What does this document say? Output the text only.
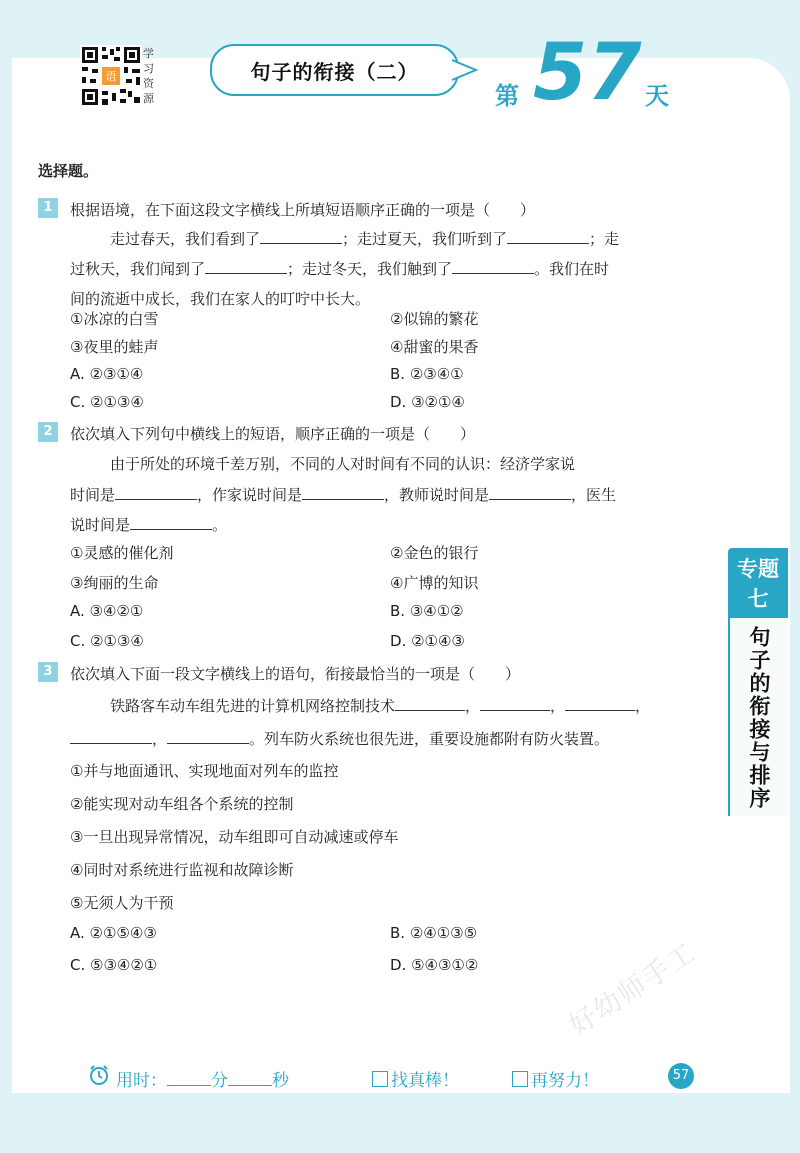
语
学
习
资
源
句子的衔接（二）
第 57 天
选择题。
1	根据语境，在下面这段文字横线上所填短语顺序正确的一项是（　　）
走过春天，我们看到了	；走过夏天，我们听到了	；走
过秋天，我们闻到了	；走过冬天，我们触到了	。我们在时
间的流逝中成长，我们在家人的叮咛中长大。
①冰凉的白雪	②似锦的繁花
③夜里的蛙声	④甜蜜的果香
A. ②③①④	B. ②③④①
C. ②①③④	D. ③②①④
2	依次填入下列句中横线上的短语，顺序正确的一项是（　　）
由于所处的环境千差万别，不同的人对时间有不同的认识：经济学家说
时间是	，作家说时间是	，教师说时间是	，医生
说时间是	。
①灵感的催化剂	②金色的银行
③绚丽的生命	④广博的知识
A. ③④②①	B. ③④①②
C. ②①③④	D. ②①④③
3	依次填入下面一段文字横线上的语句，衔接最恰当的一项是（　　）
铁路客车动车组先进的计算机网络控制技术	，	，	，
，	。列车防火系统也很先进，重要设施都附有防火装置。
①并与地面通讯、实现地面对列车的监控
②能实现对动车组各个系统的控制
③一旦出现异常情况，动车组即可自动减速或停车
④同时对系统进行监视和故障诊断
⑤无须人为干预
A. ②①⑤④③	B. ②④①③⑤
C. ⑤③④②①	D. ⑤④③①②
专题七
句子的衔接与排序
用时：	分	秒	找真棒！	再努力！	57
好幼师手工
